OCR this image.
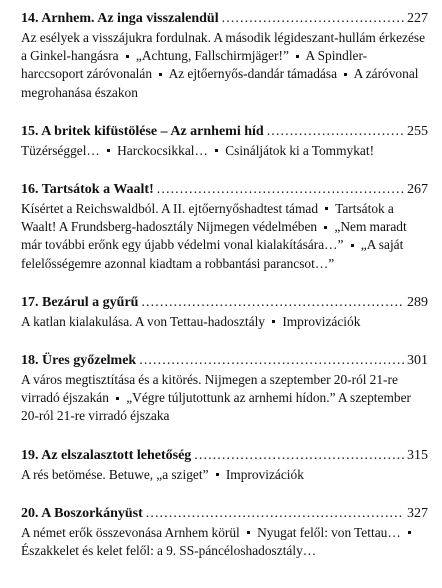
14. Arnhem. Az inga visszalendül . . .	227

Az esélyek a visszájukra fordulnak. A második légideszant-hullám érkezése a Ginkel-hangásra „Achtung, Fallschirmjäger!” A Spindler-harccsoport záróvonalán Az ejtőernyős-dandár támadása A záróvonal megrohanása északon

15. A britek kifüstölése – Az arnhemi híd . . .	255

Tüzérséggel… Harckocsikkal… Csináljátok ki a Tommykat!

16. Tartsátok a Waalt! . . .	267

Kísértet a Reichswaldból. A II. ejtőernyőshadtest támad Tartsátok a Waalt! A Frundsberg-hadosztály Nijmegen védelmében „Nem maradt már további erőnk egy újabb védelmi vonal kialakítására…” „A saját felelősségemre azonnal kiadtam a robbantási parancsot…”

17. Bezárul a gyűrű . . .	289

A katlan kialakulása. A von Tettau-hadosztály Improvizációk

18. Üres győzelmek . . .	301

A város megtisztítása és a kitörés. Nijmegen a szeptember 20-ról 21-re virradó éjszakán „Végre túljutottunk az arnhemi hídon.” A szeptember 20-ról 21-re virradó éjszaka

19. Az elszalasztott lehetőség . . .	315

A rés betömése. Betuwe, „a sziget” Improvizációk

20. A Boszorkányüst . . .	327

A német erők összevonása Arnhem körül Nyugat felől: von Tettau…  Északkelet és kelet felől: a 9. SS-páncéloshadosztály…
